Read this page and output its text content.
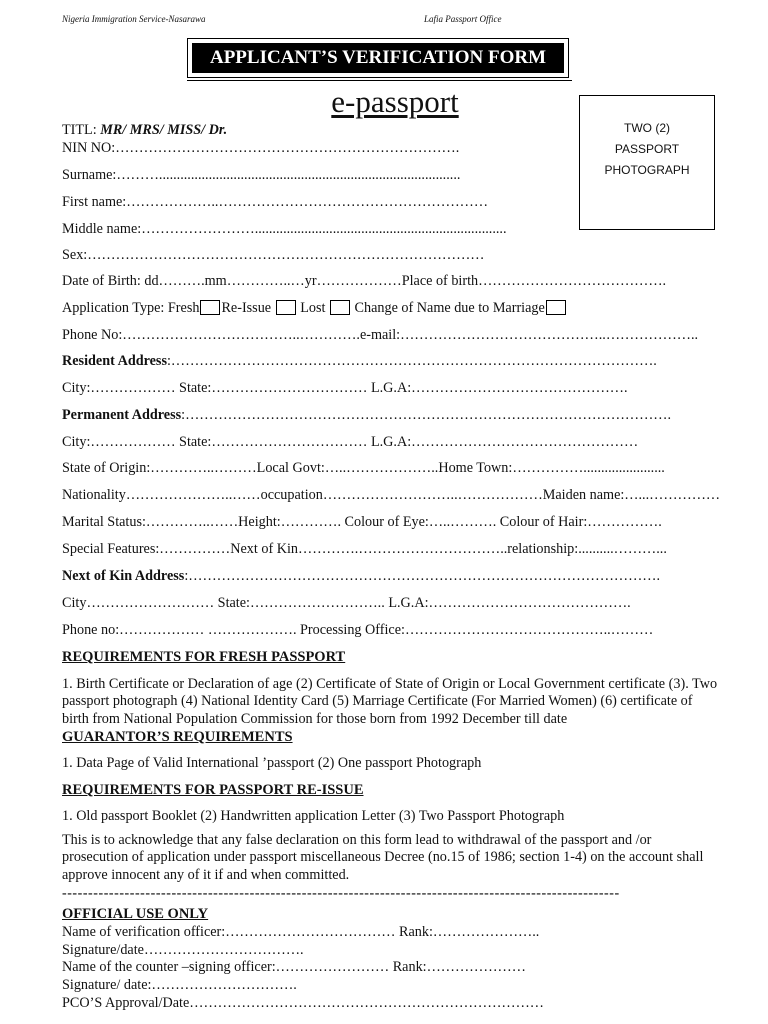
Nigeria Immigration Service-Nasarawa	Lafia Passport Office
APPLICANT’S VERIFICATION FORM
e-passport
TWO (2)
PASSPORT
PHOTOGRAPH
TITL: MR/ MRS/ MISS/ Dr.
NIN NO:……………………………………………………………….
Surname:……….....................................................................................
First name:………………..…………………………………………………
Middle name:…………………….......................................................................
Sex:…………………………………………………………………………
Date of Birth: dd……….mm…………..…yr………………Place of birth………………………………….
Application Type: Fresh Re-Issue  Lost  Change of Name due to Marriage
Phone No:………………………………..………….e-mail:……………………………………..………………..
Resident Address:………………………………………………………………………………………….
City:……………… State:…………………………… L.G.A:……………………………………….
Permanent Address:………………………………………………………………………………………….
City:……………… State:…………………………… L.G.A:…………………………………………
State of Origin:…………..………Local Govt:…..………………..Home Town:…………….......................
Nationality…………………..……occupation………………………..………………Maiden name:…...……………
Marital Status:…………..……Height:…………. Colour of Eye:…..………. Colour of Hair:…………….
Special Features:……………Next of Kin………….…………………………..relationship:..........………...
Next of Kin Address:……………………………………………………………………………………….
City……………………… State:……………………….. L.G.A:…………………………………….
Phone no:……………… ………………. Processing Office:……………………………………..………
REQUIREMENTS FOR FRESH PASSPORT
1. Birth Certificate or Declaration of age (2) Certificate of State of Origin or Local Government certificate (3). Two passport photograph (4) National Identity Card (5) Marriage Certificate (For Married Women) (6) certificate of birth from National Population Commission for those born from 1992 December till date
GUARANTOR’S REQUIREMENTS
1. Data Page of Valid International ’passport (2) One passport Photograph
REQUIREMENTS FOR PASSPORT RE-ISSUE
1. Old passport Booklet (2) Handwritten application Letter (3) Two Passport Photograph
This is to acknowledge that any false declaration on this form lead to withdrawal of the passport and /or prosecution of application under passport miscellaneous Decree (no.15 of 1986; section 1-4) on the account shall approve innocent any of it if and when committed.
-----------------------------------------------------------------------------------------------------------
OFFICIAL USE ONLY
Name of verification officer:……………………………… Rank:…………………..
Signature/date…………………………….
Name of the counter –signing officer:…………………… Rank:…………………
Signature/ date:………………………….
PCO’S Approval/Date…………………………………………………………………
